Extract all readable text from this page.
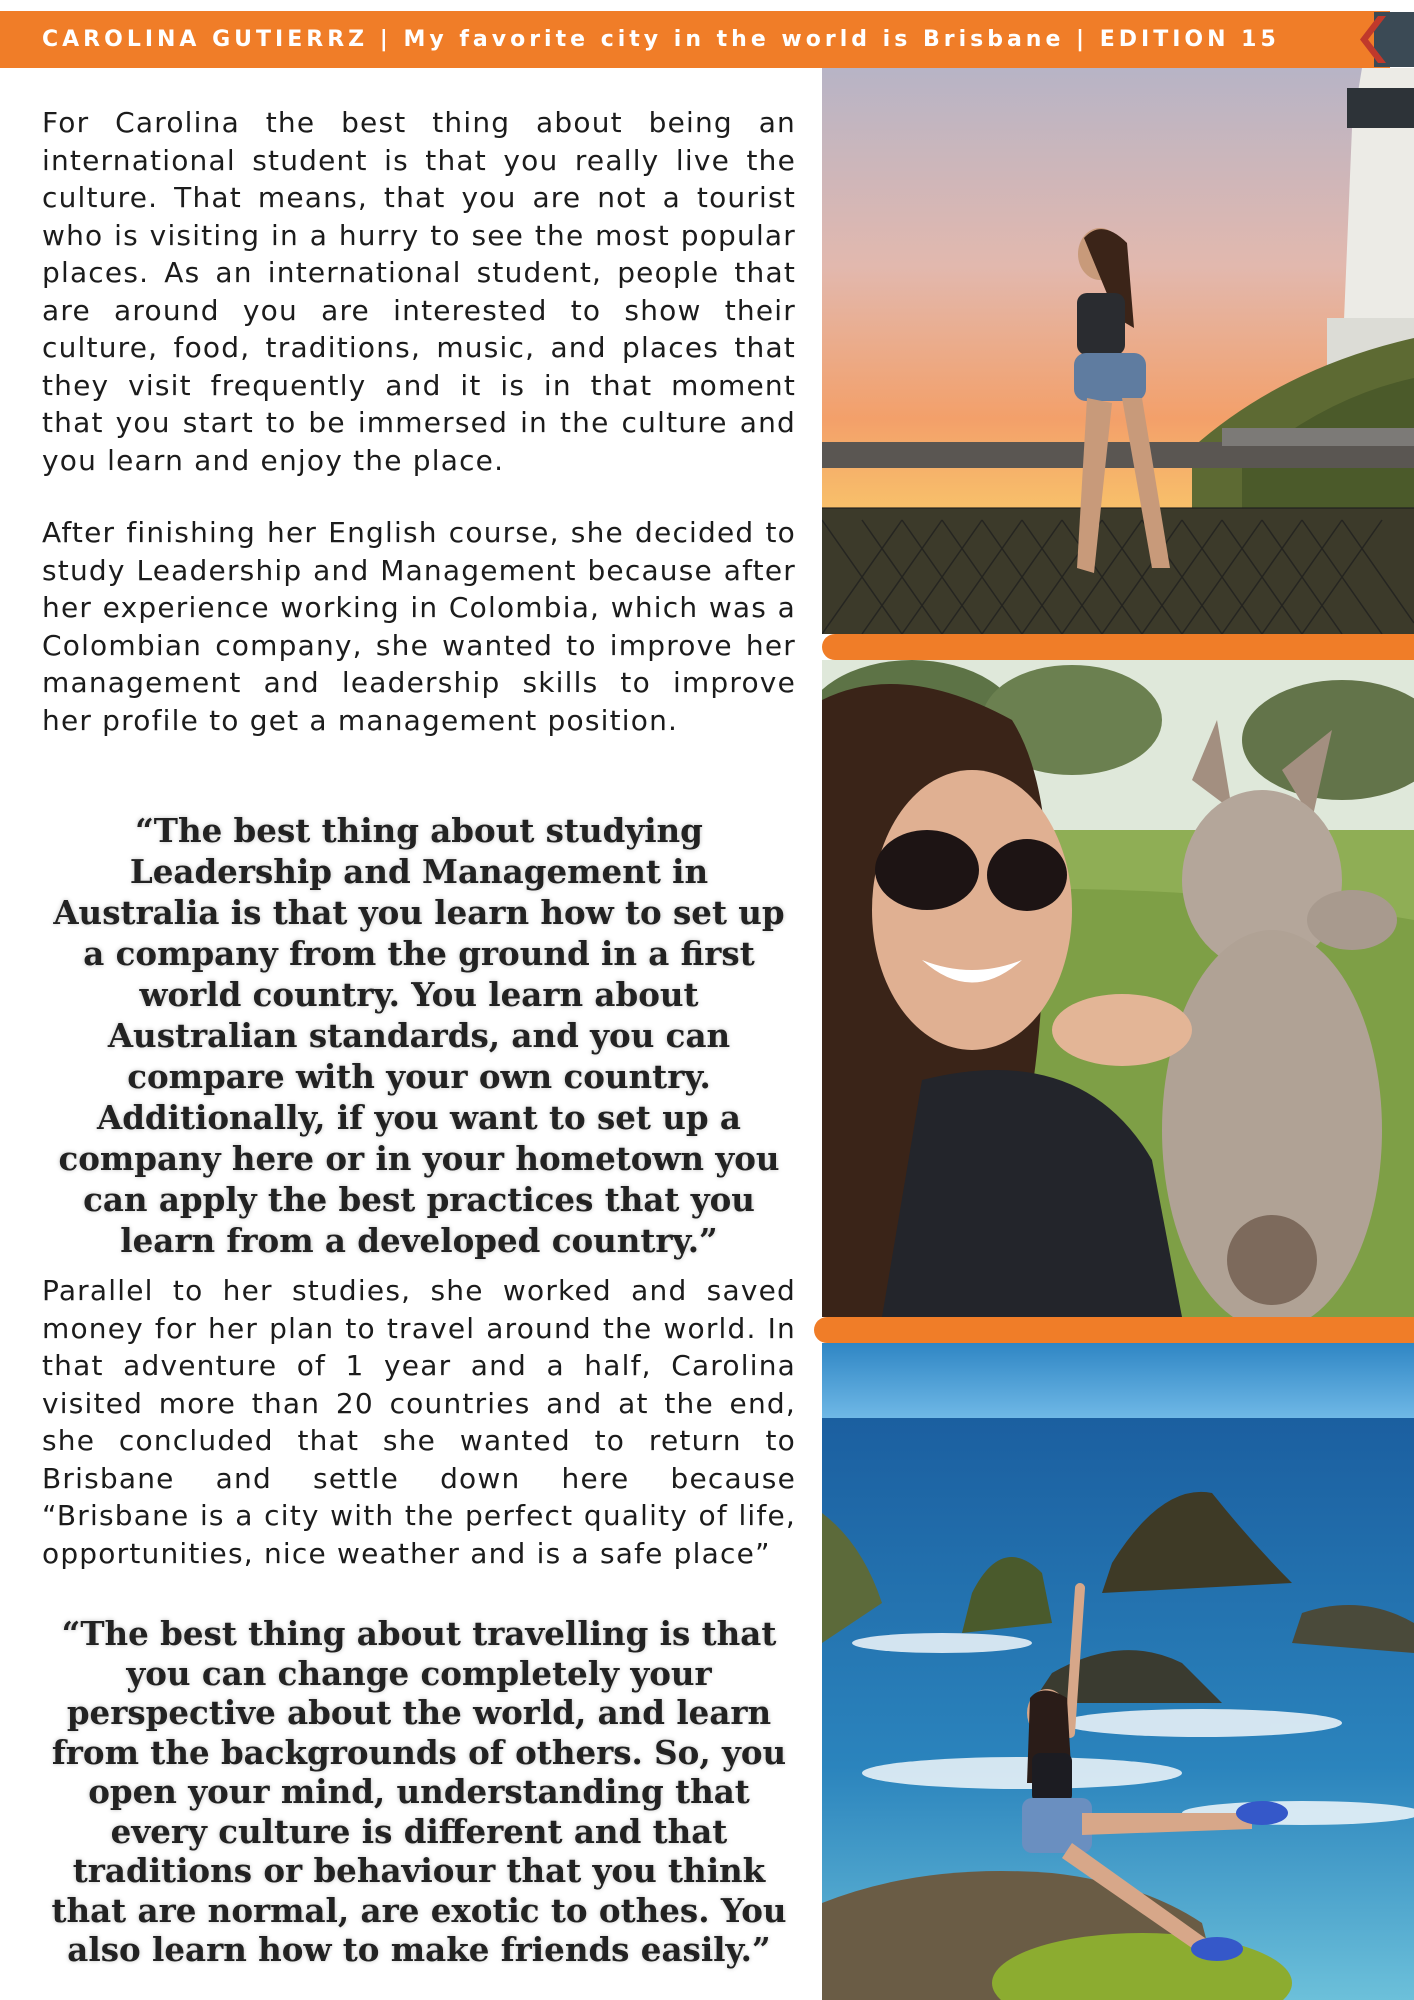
CAROLINA GUTIERRZ | My favorite city in the world is Brisbane | EDITION 15

For Carolina the best thing about being an international student is that you really live the culture. That means, that you are not a tourist who is visiting in a hurry to see the most popular places. As an international student, people that are around you are interested to show their culture, food, traditions, music, and places that they visit frequently and it is in that moment that you start to be immersed in the culture and you learn and enjoy the place.

After finishing her English course, she decided to study Leadership and Management because after her experience working in Colombia, which was a Colombian company, she wanted to improve her management and leadership skills to improve her profile to get a management position.

“The best thing about studying Leadership and Management in Australia is that you learn how to set up a company from the ground in a first world country. You learn about Australian standards, and you can compare with your own country. Additionally, if you want to set up a company here or in your hometown you can apply the best practices that you learn from a developed country.”

Parallel to her studies, she worked and saved money for her plan to travel around the world. In that adventure of 1 year and a half, Carolina visited more than 20 countries and at the end, she concluded that she wanted to return to Brisbane and settle down here because “Brisbane is a city with the perfect quality of life, opportunities, nice weather and is a safe place”

“The best thing about travelling is that you can change completely your perspective about the world, and learn from the backgrounds of others. So, you open your mind, understanding that every culture is different and that traditions or behaviour that you think that are normal, are exotic to othes. You also learn how to make friends easily.”
